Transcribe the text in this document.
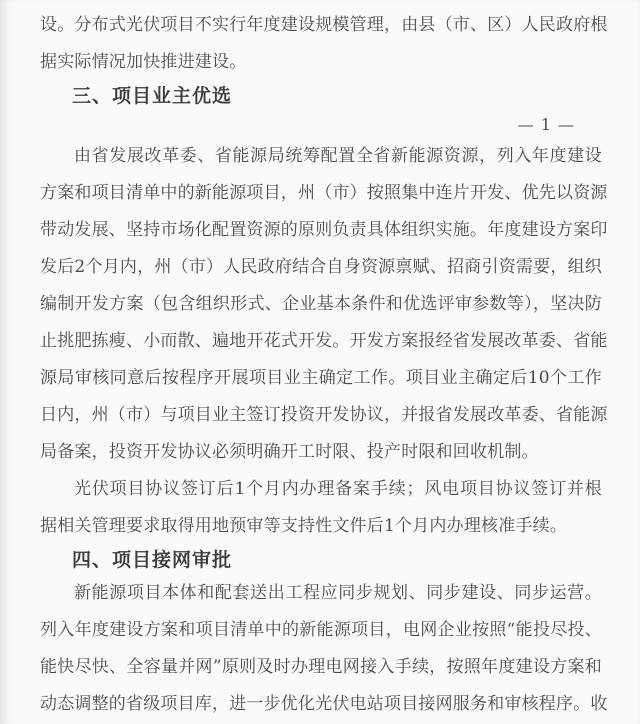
设。分布式光伏项目不实行年度建设规模管理，由县（市、区）人民政府根
据实际情况加快推进建设。
三、项目业主优选
— 1 —
由省发展改革委、省能源局统筹配置全省新能源资源，列入年度建设
方案和项目清单中的新能源项目，州（市）按照集中连片开发、优先以资源
带动发展、坚持市场化配置资源的原则负责具体组织实施。年度建设方案印
发后2个月内，州（市）人民政府结合自身资源禀赋、招商引资需要，组织
编制开发方案（包含组织形式、企业基本条件和优选评审参数等），坚决防
止挑肥拣瘦、小而散、遍地开花式开发。开发方案报经省发展改革委、省能
源局审核同意后按程序开展项目业主确定工作。项目业主确定后10个工作
日内，州（市）与项目业主签订投资开发协议，并报省发展改革委、省能源
局备案，投资开发协议必须明确开工时限、投产时限和回收机制。
光伏项目协议签订后1个月内办理备案手续；风电项目协议签订并根
据相关管理要求取得用地预审等支持性文件后1个月内办理核准手续。
四、项目接网审批
新能源项目本体和配套送出工程应同步规划、同步建设、同步运营。
列入年度建设方案和项目清单中的新能源项目，电网企业按照“能投尽投、
能快尽快、全容量并网”原则及时办理电网接入手续，按照年度建设方案和
动态调整的省级项目库，进一步优化光伏电站项目接网服务和审核程序。收
